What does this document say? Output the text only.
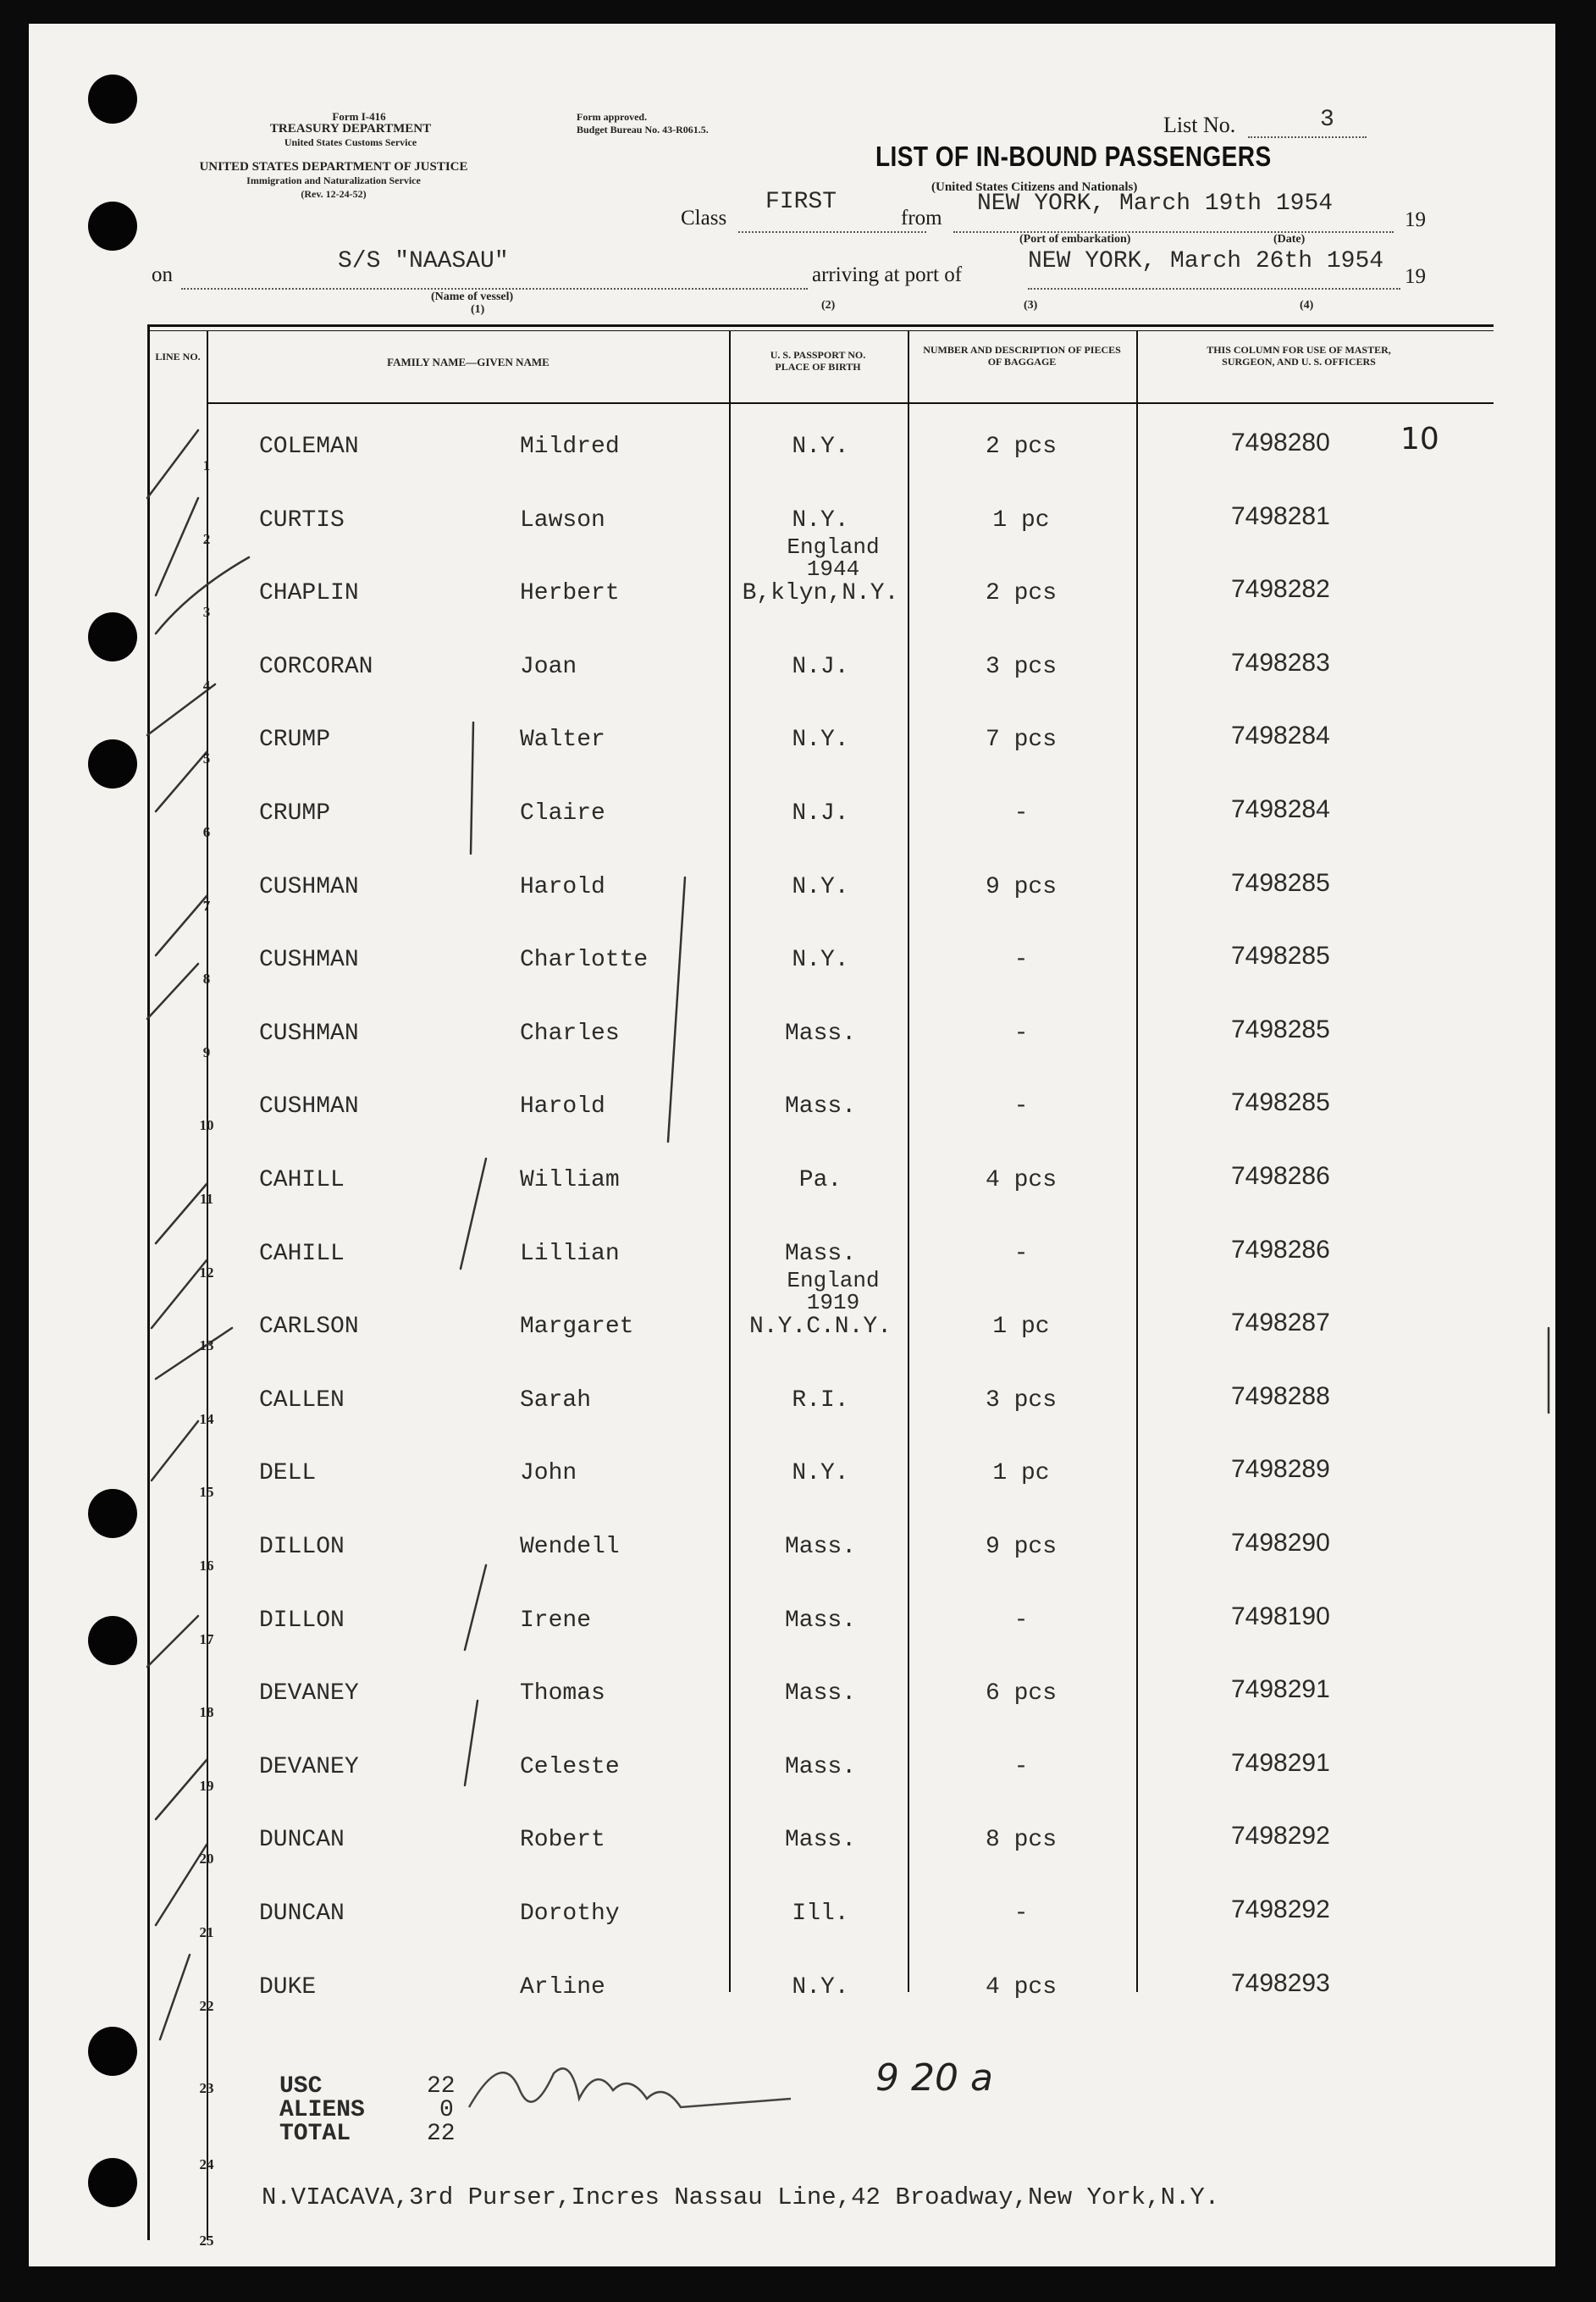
Form I-416
TREASURY DEPARTMENT
United States Customs Service
UNITED STATES DEPARTMENT OF JUSTICE
Immigration and Naturalization Service
(Rev. 12-24-52)
Form approved.
Budget Bureau No. 43-R061.5.	List No.	3
LIST OF IN-BOUND PASSENGERS
(United States Citizens and Nationals)
Class
FIRST
from
NEW YORK, March 19th 1954
19
(Port of embarkation)	(Date)
on
S/S "NAASAU"
arriving at port of
NEW YORK, March 26th 1954
19
(Name of vessel)
(1)	(2)	(3)	(4)
LINE NO.	FAMILY NAME—GIVEN NAME
U. S. PASSPORT NO. PLACE OF BIRTH
NUMBER AND DESCRIPTION OF PIECES OF BAGGAGE
THIS COLUMN FOR USE OF MASTER, SURGEON, AND U. S. OFFICERS
10
USC	22
ALIENS	0
TOTAL	22
9 20 a
N.VIACAVA,3rd Purser,Incres Nassau Line,42 Broadway,New York,N.Y.
1
COLEMAN	Mildred	N.Y.	2 pcs	7498280
2
CURTIS	Lawson	N.Y.	1 pc	7498281
3
CHAPLIN	Herbert
England 1944
B,klyn,N.Y.	2 pcs	7498282
4
CORCORAN	Joan	N.J.	3 pcs	7498283
5
CRUMP	Walter	N.Y.	7 pcs	7498284
6
CRUMP	Claire	N.J.	-	7498284
7
CUSHMAN	Harold	N.Y.	9 pcs	7498285
8
CUSHMAN	Charlotte	N.Y.	-	7498285
9
CUSHMAN	Charles	Mass.	-	7498285
10
CUSHMAN	Harold	Mass.	-	7498285
11
CAHILL	William	Pa.	4 pcs	7498286
12
CAHILL	Lillian	Mass.	-	7498286
13
CARLSON	Margaret
England 1919
N.Y.C.N.Y.	1 pc	7498287
14
CALLEN	Sarah	R.I.	3 pcs	7498288
15
DELL	John	N.Y.	1 pc	7498289
16
DILLON	Wendell	Mass.	9 pcs	7498290
17
DILLON	Irene	Mass.	-	7498190
18
DEVANEY	Thomas	Mass.	6 pcs	7498291
19
DEVANEY	Celeste	Mass.	-	7498291
20
DUNCAN	Robert	Mass.	8 pcs	7498292
21
DUNCAN	Dorothy	Ill.	-	7498292
22
DUKE	Arline	N.Y.	4 pcs	7498293
23
24
25
